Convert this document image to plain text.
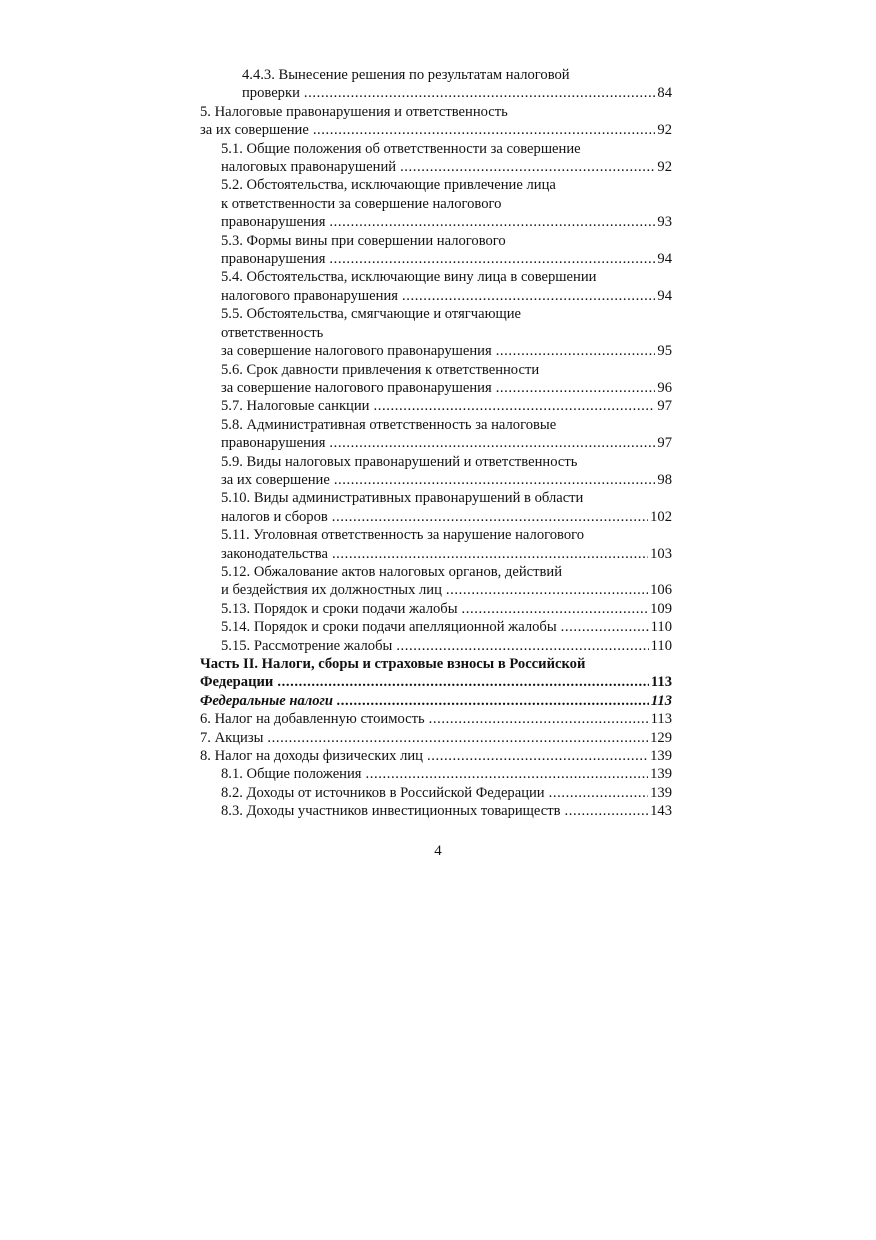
4.4.3. Вынесение решения по результатам налоговой
проверки .....	84
5. Налоговые правонарушения и ответственность
за их совершение .....	92
5.1. Общие положения об ответственности за совершение
налоговых правонарушений .....	92
5.2. Обстоятельства, исключающие привлечение лица
к ответственности за совершение налогового
правонарушения .....	93
5.3. Формы вины при совершении налогового
правонарушения .....	94
5.4. Обстоятельства, исключающие вину лица в совершении
налогового правонарушения .....	94
5.5. Обстоятельства, смягчающие и отягчающие
ответственность
за совершение налогового правонарушения .....	95
5.6. Срок давности привлечения к ответственности
за совершение налогового правонарушения .....	96
5.7. Налоговые санкции .....	97
5.8. Административная ответственность за налоговые
правонарушения .....	97
5.9. Виды налоговых правонарушений и ответственность
за их совершение .....	98
5.10. Виды административных правонарушений в области
налогов и сборов .....	102
5.11. Уголовная ответственность за нарушение налогового
законодательства .....	103
5.12. Обжалование актов налоговых органов, действий
и бездействия их должностных лиц .....	106
5.13. Порядок и сроки подачи жалобы .....	109
5.14. Порядок и сроки подачи апелляционной жалобы .....	110
5.15. Рассмотрение жалобы .....	110
Часть II. Налоги, сборы и страховые взносы в Российской
Федерации .....	113
Федеральные налоги .....	113
6. Налог на добавленную стоимость .....	113
7. Акцизы .....	129
8. Налог на доходы физических лиц .....	139
8.1. Общие положения .....	139
8.2. Доходы от источников в Российской Федерации .....	139
8.3. Доходы участников инвестиционных товариществ .....	143
4
